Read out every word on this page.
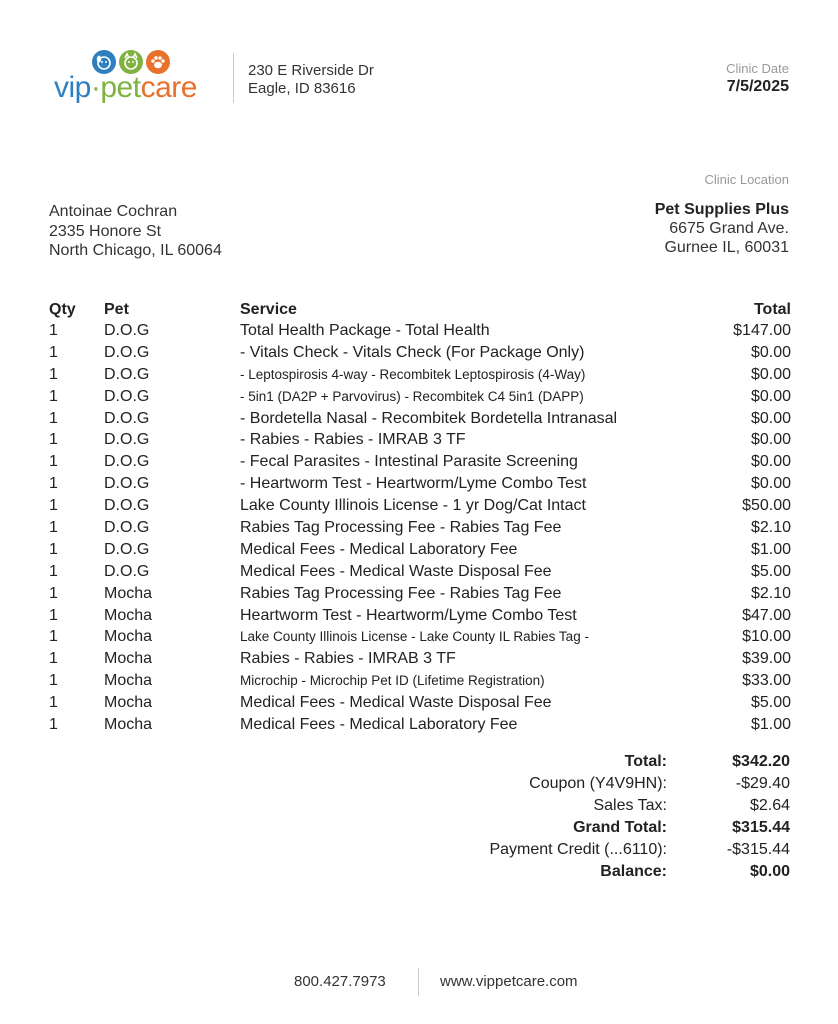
vip·petcare
230 E Riverside Dr
Eagle, ID 83616
Clinic Date
7/5/2025
Clinic Location
Pet Supplies Plus
6675 Grand Ave.
Gurnee IL, 60031
Antoinae Cochran
2335 Honore St
North Chicago, IL 60064
Qty Pet	Service	Total
1	D.O.G	Total Health Package - Total Health	$147.00
1	D.O.G	- Vitals Check - Vitals Check (For Package Only)	$0.00
1	D.O.G	- Leptospirosis 4-way - Recombitek Leptospirosis (4-Way)	$0.00
1	D.O.G	- 5in1 (DA2P + Parvovirus) - Recombitek C4 5in1 (DAPP)	$0.00
1	D.O.G	- Bordetella Nasal - Recombitek Bordetella Intranasal	$0.00
1	D.O.G	- Rabies - Rabies - IMRAB 3 TF	$0.00
1	D.O.G	- Fecal Parasites - Intestinal Parasite Screening	$0.00
1	D.O.G	- Heartworm Test - Heartworm/Lyme Combo Test	$0.00
1	D.O.G	Lake County Illinois License - 1 yr Dog/Cat Intact	$50.00
1	D.O.G	Rabies Tag Processing Fee - Rabies Tag Fee	$2.10
1	D.O.G	Medical Fees - Medical Laboratory Fee	$1.00
1	D.O.G	Medical Fees - Medical Waste Disposal Fee	$5.00
1	Mocha	Rabies Tag Processing Fee - Rabies Tag Fee	$2.10
1	Mocha	Heartworm Test - Heartworm/Lyme Combo Test	$47.00
1	Mocha	Lake County Illinois License - Lake County IL Rabies Tag -	$10.00
1	Mocha	Rabies - Rabies - IMRAB 3 TF	$39.00
1	Mocha	Microchip - Microchip Pet ID (Lifetime Registration)	$33.00
1	Mocha	Medical Fees - Medical Waste Disposal Fee	$5.00
1	Mocha	Medical Fees - Medical Laboratory Fee	$1.00
Total:	$342.20
Coupon (Y4V9HN):	-$29.40
Sales Tax:	$2.64
Grand Total:	$315.44
Payment Credit (...6110):	-$315.44
Balance:	$0.00
800.427.7973	www.vippetcare.com
